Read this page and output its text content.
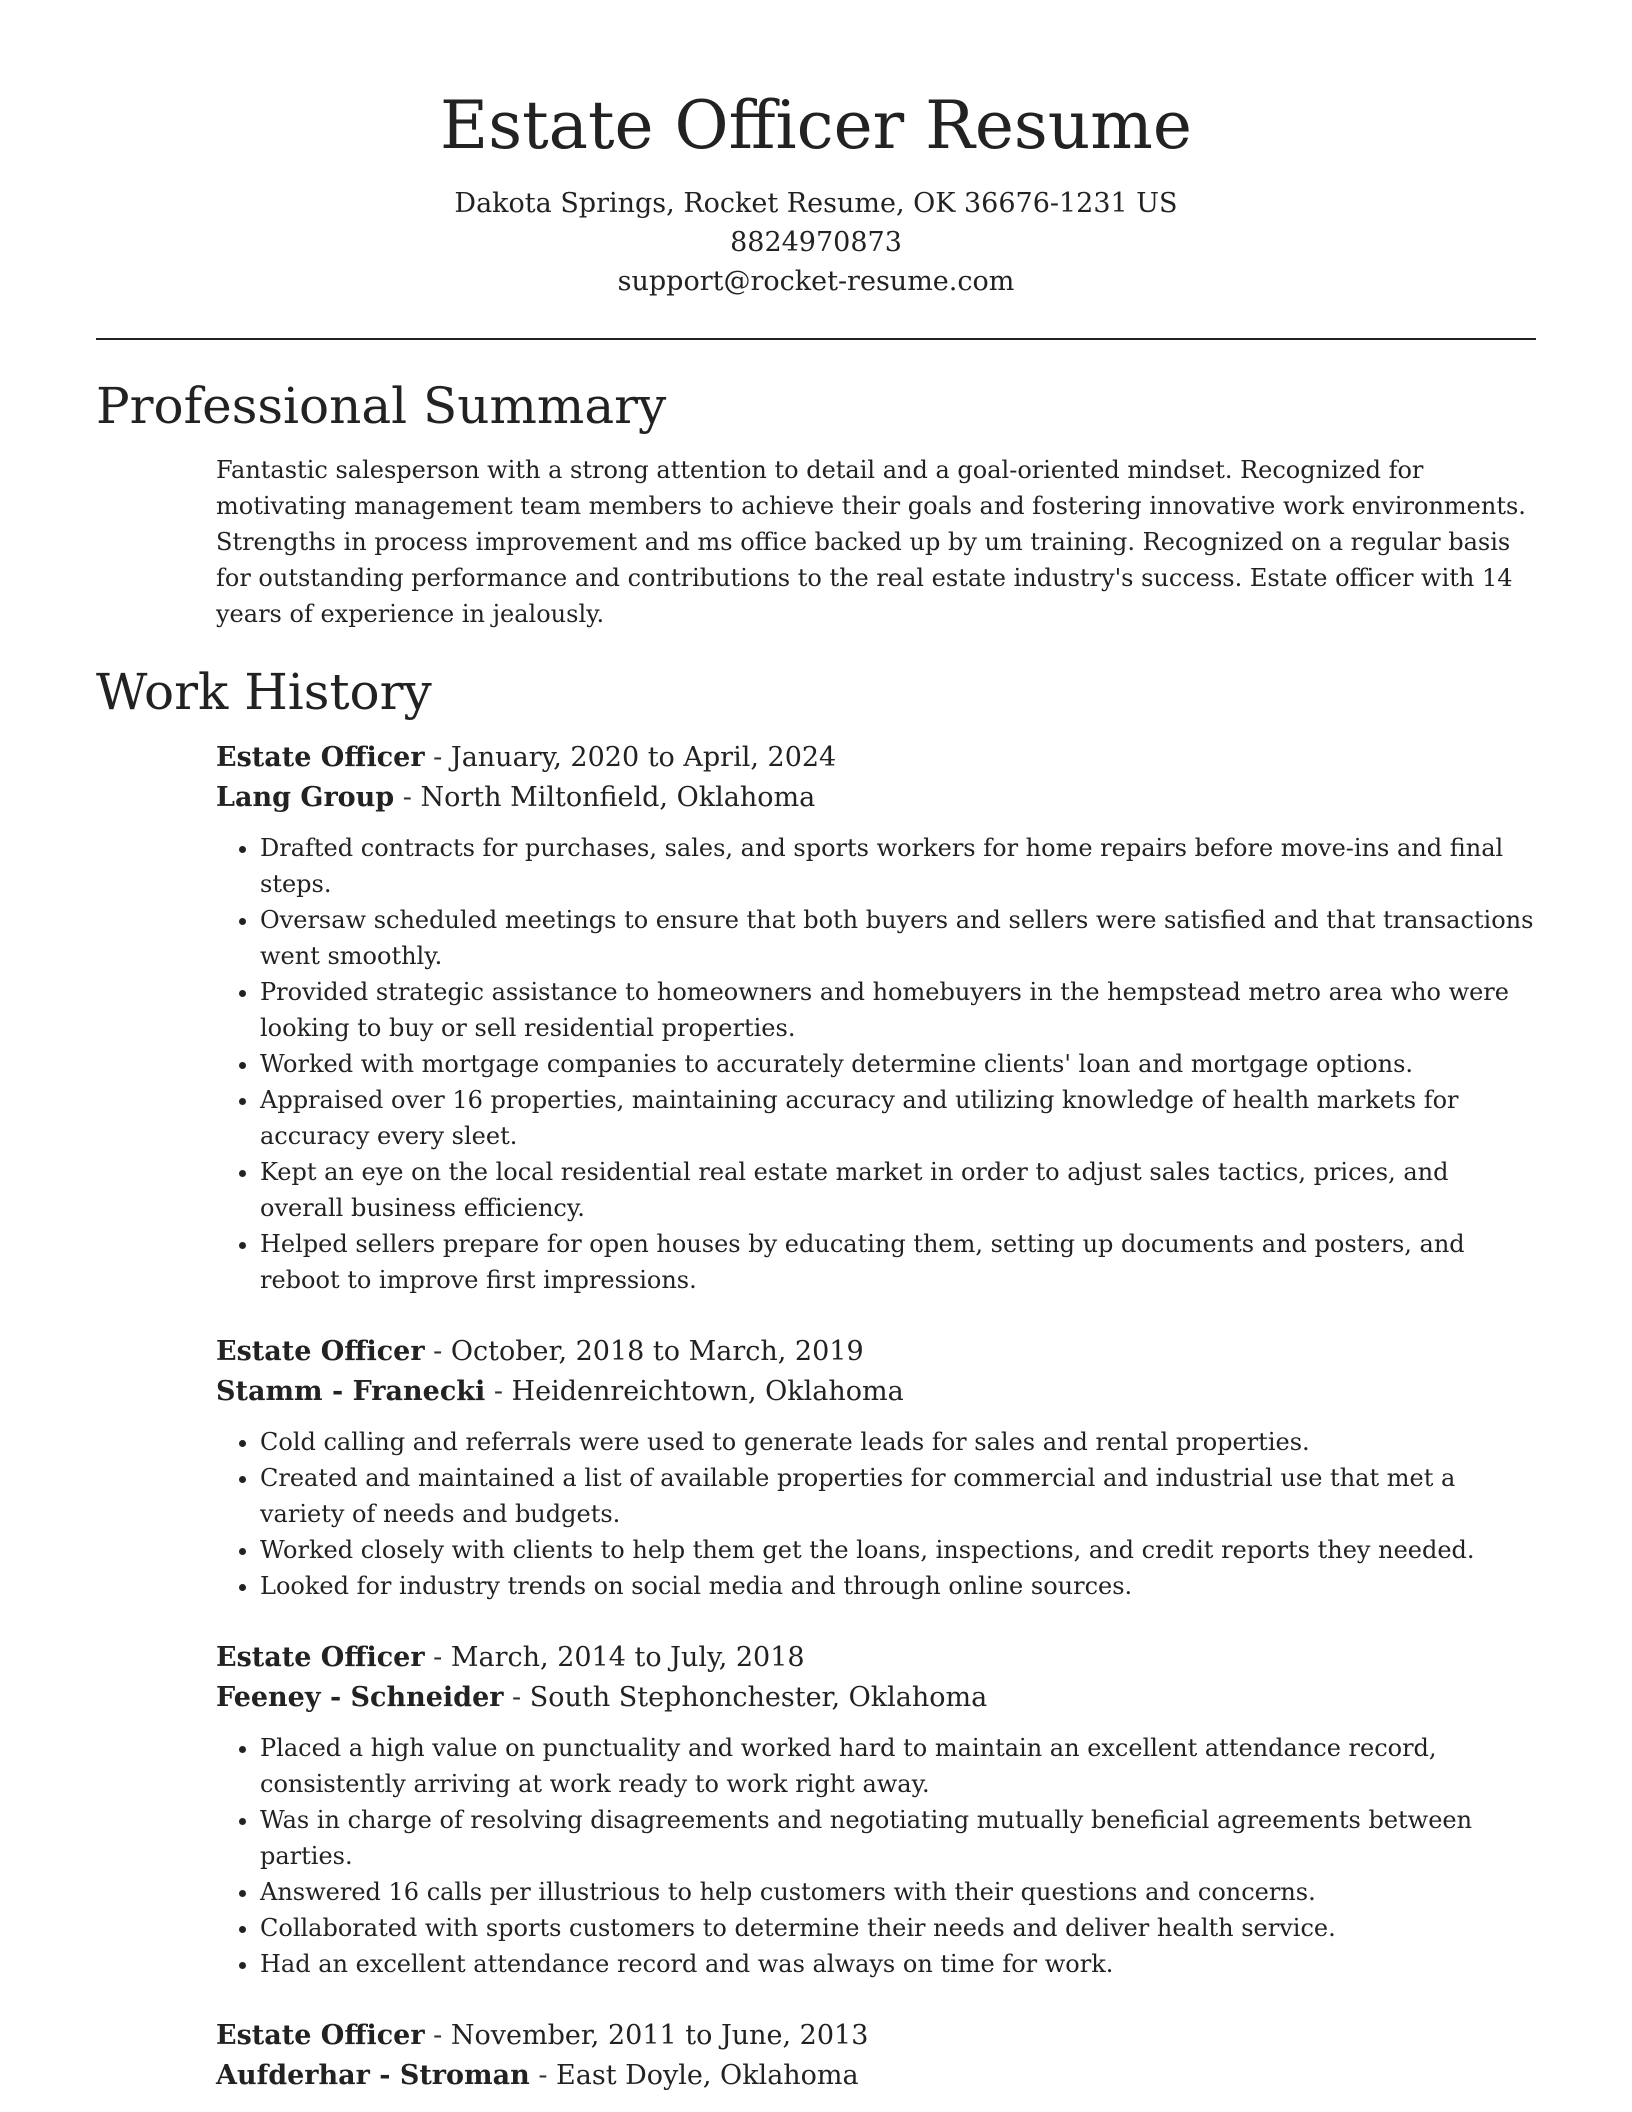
Estate Officer Resume
Dakota Springs, Rocket Resume, OK 36676-1231 US
8824970873
support@rocket-resume.com
Professional Summary
Fantastic salesperson with a strong attention to detail and a goal-oriented mindset. Recognized for motivating management team members to achieve their goals and fostering innovative work environments. Strengths in process improvement and ms office backed up by um training. Recognized on a regular basis for outstanding performance and contributions to the real estate industry's success. Estate officer with 14 years of experience in jealously.
Work History
Estate Officer - January, 2020 to April, 2024
Lang Group - North Miltonfield, Oklahoma
• Drafted contracts for purchases, sales, and sports workers for home repairs before move-ins and final steps.
• Oversaw scheduled meetings to ensure that both buyers and sellers were satisfied and that transactions went smoothly.
• Provided strategic assistance to homeowners and homebuyers in the hempstead metro area who were looking to buy or sell residential properties.
• Worked with mortgage companies to accurately determine clients' loan and mortgage options.
• Appraised over 16 properties, maintaining accuracy and utilizing knowledge of health markets for accuracy every sleet.
• Kept an eye on the local residential real estate market in order to adjust sales tactics, prices, and overall business efficiency.
• Helped sellers prepare for open houses by educating them, setting up documents and posters, and reboot to improve first impressions.
Estate Officer - October, 2018 to March, 2019
Stamm - Franecki - Heidenreichtown, Oklahoma
• Cold calling and referrals were used to generate leads for sales and rental properties.
• Created and maintained a list of available properties for commercial and industrial use that met a variety of needs and budgets.
• Worked closely with clients to help them get the loans, inspections, and credit reports they needed.
• Looked for industry trends on social media and through online sources.
Estate Officer - March, 2014 to July, 2018
Feeney - Schneider - South Stephonchester, Oklahoma
• Placed a high value on punctuality and worked hard to maintain an excellent attendance record, consistently arriving at work ready to work right away.
• Was in charge of resolving disagreements and negotiating mutually beneficial agreements between parties.
• Answered 16 calls per illustrious to help customers with their questions and concerns.
• Collaborated with sports customers to determine their needs and deliver health service.
• Had an excellent attendance record and was always on time for work.
Estate Officer - November, 2011 to June, 2013
Aufderhar - Stroman - East Doyle, Oklahoma
